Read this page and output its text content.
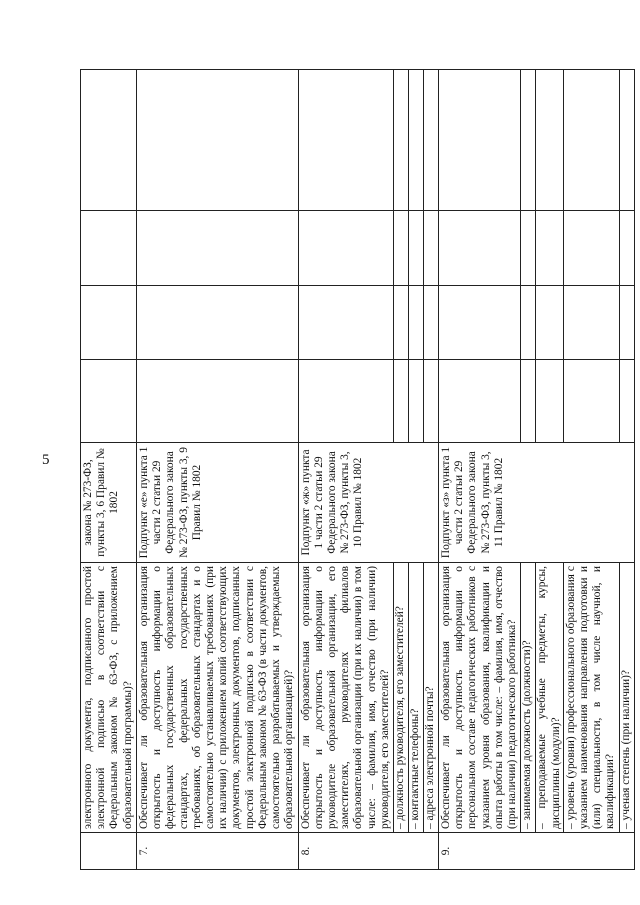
5
	электронного документа, подписанного простой электронной подписью в соответствии с Федеральным законом № 63-ФЗ, с приложением образовательной программы)?	закона № 273-ФЗ, пункты 3, 6 Правил № 1802				
7.	Обеспечивает ли образовательная организация открытость и доступность информации о федеральных государственных образовательных стандартах, федеральных государственных требованиях, об образовательных стандартах и о самостоятельно устанавливаемых требованиях (при их наличии) с приложением копий соответствующих документов, электронных документов, подписанных простой электронной подписью в соответствии с Федеральным законом № 63-ФЗ (в части документов, самостоятельно разрабатываемых и утверждаемых образовательной организацией)?	Подпункт «е» пункта 1 части 2 статьи 29 Федерального закона № 273-ФЗ, пункты 3, 9 Правил № 1802				
8.	Обеспечивает ли образовательная организация открытость и доступность информации о руководителе образовательной организации, его заместителях, руководителях филиалов образовательной организации (при их наличии) в том числе: – фамилия, имя, отчество (при наличии) руководителя, его заместителей?	Подпункт «ж» пункта 1 части 2 статьи 29 Федерального закона № 273-ФЗ, пункты 3, 10 Правил № 1802				
	– должность руководителя, его заместителей?					
	– контактные телефоны?					
	– адреса электронной почты?					
9.	Обеспечивает ли образовательная организация открытость и доступность информации о персональном составе педагогических работников с указанием уровня образования, квалификации и опыта работы в том числе: – фамилия, имя, отчество (при наличии) педагогического работника?	Подпункт «з» пункта 1 части 2 статьи 29 Федерального закона № 273-ФЗ, пункты 3, 11 Правил № 1802				
	– занимаемая должность (должности)?					
	– преподаваемые учебные предметы, курсы, дисциплины (модули)?					
	– уровень (уровни) профессионального образования с указанием наименования направления подготовки и (или) специальности, в том числе научной, и квалификации?					
	– ученая степень (при наличии)?					
